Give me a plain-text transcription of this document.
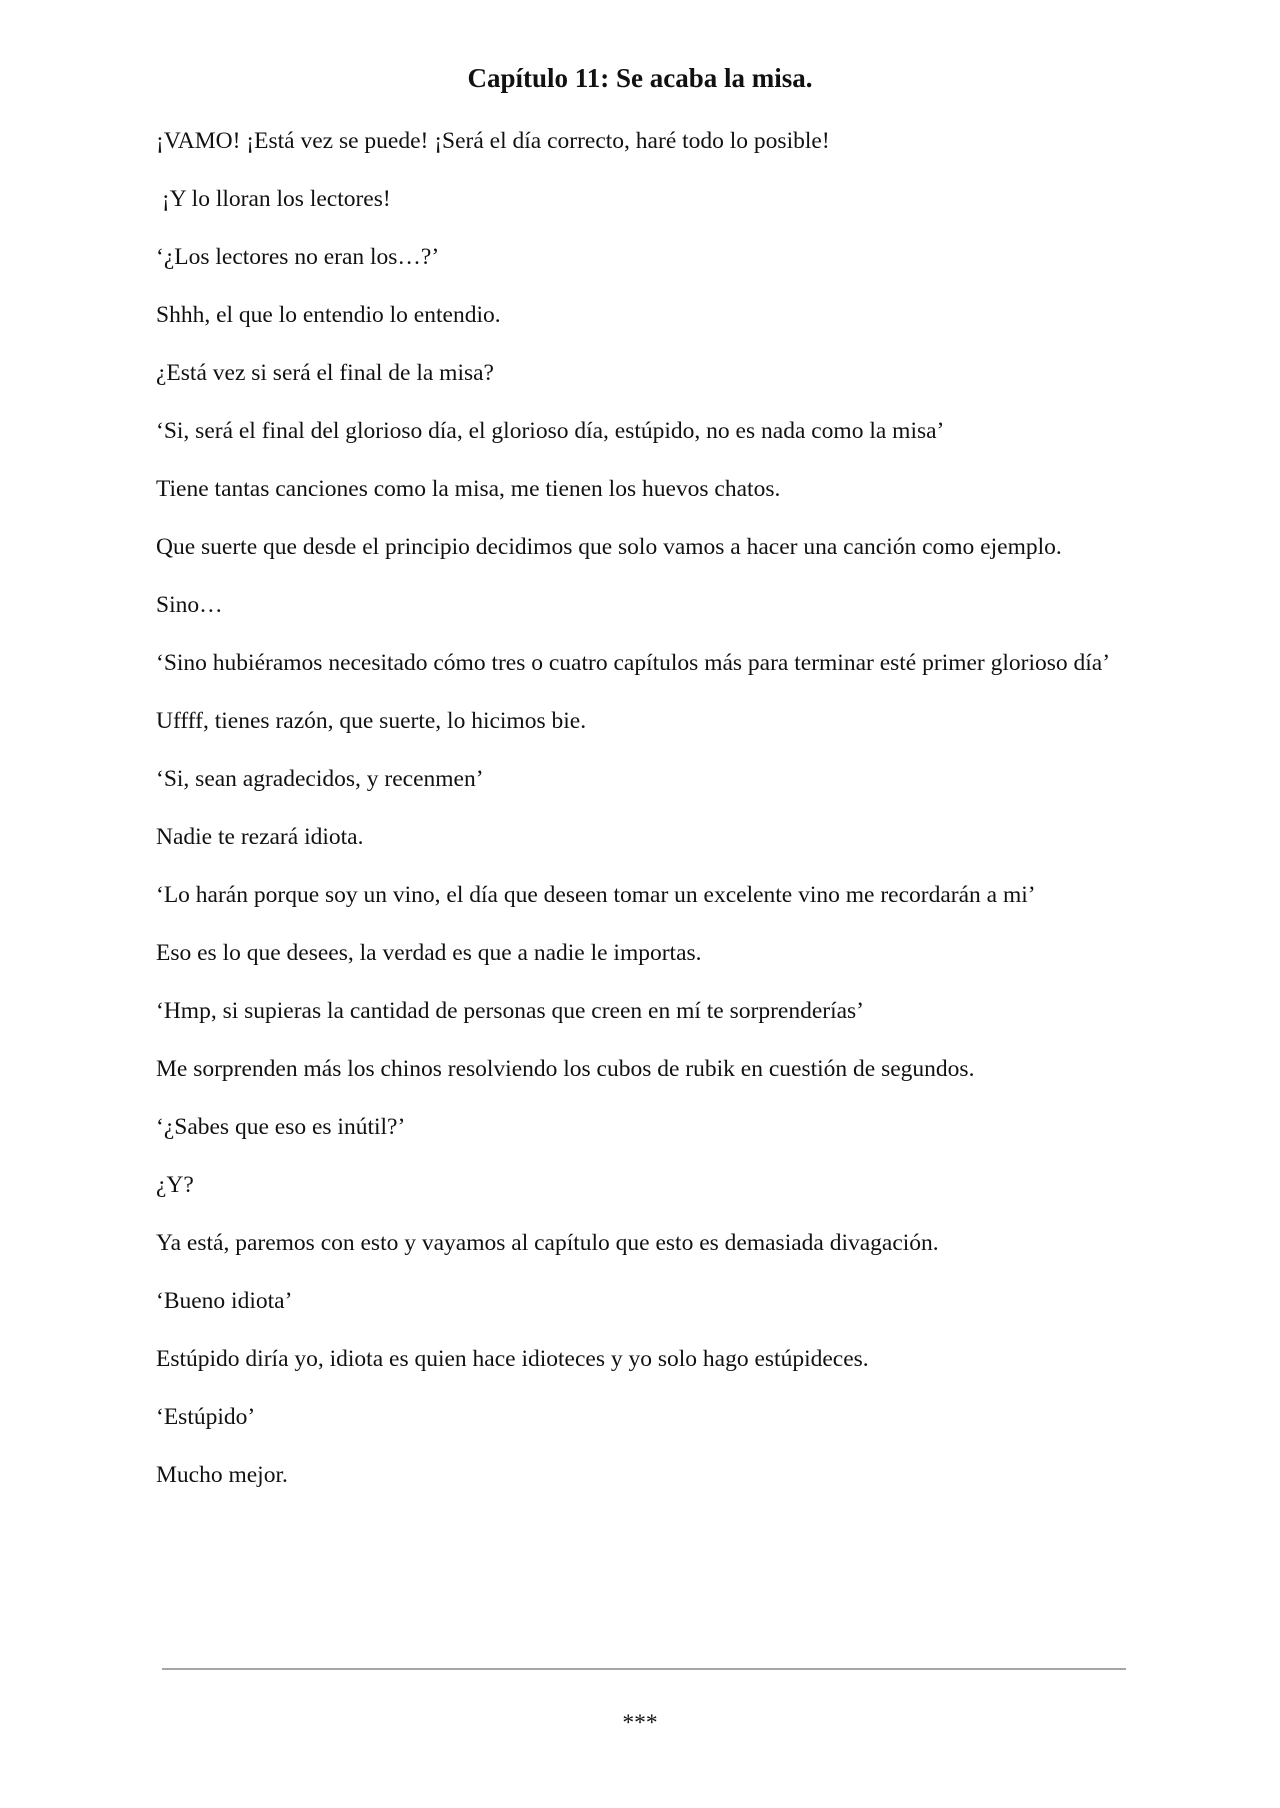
Capítulo 11: Se acaba la misa.

¡VAMO! ¡Está vez se puede! ¡Será el día correcto, haré todo lo posible!

¡Y lo lloran los lectores!

‘¿Los lectores no eran los…?’

Shhh, el que lo entendio lo entendio.

¿Está vez si será el final de la misa?

‘Si, será el final del glorioso día, el glorioso día, estúpido, no es nada como la misa’

Tiene tantas canciones como la misa, me tienen los huevos chatos.

Que suerte que desde el principio decidimos que solo vamos a hacer una canción como ejemplo.

Sino…

‘Sino hubiéramos necesitado cómo tres o cuatro capítulos más para terminar esté primer glorioso día’

Uffff, tienes razón, que suerte, lo hicimos bie.

‘Si, sean agradecidos, y recenmen’

Nadie te rezará idiota.

‘Lo harán porque soy un vino, el día que deseen tomar un excelente vino me recordarán a mi’

Eso es lo que desees, la verdad es que a nadie le importas.

‘Hmp, si supieras la cantidad de personas que creen en mí te sorprenderías’

Me sorprenden más los chinos resolviendo los cubos de rubik en cuestión de segundos.

‘¿Sabes que eso es inútil?’

¿Y?

Ya está, paremos con esto y vayamos al capítulo que esto es demasiada divagación.

‘Bueno idiota’

Estúpido diría yo, idiota es quien hace idioteces y yo solo hago estúpideces.

‘Estúpido’

Mucho mejor.

***
